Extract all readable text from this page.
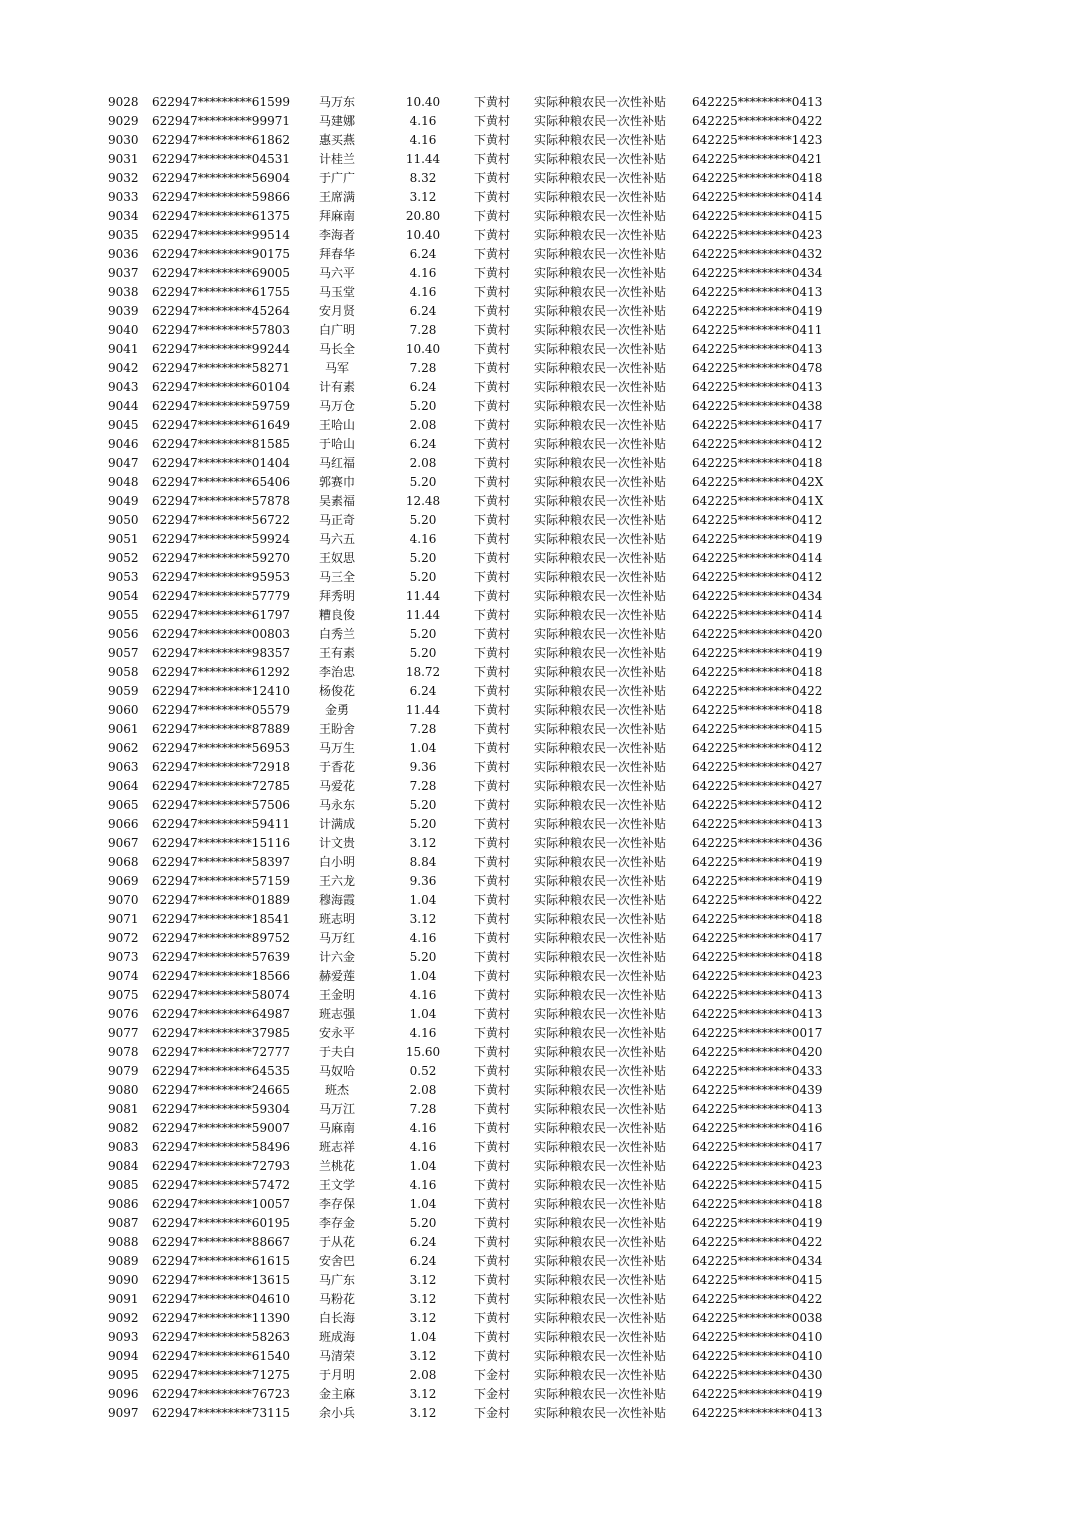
9028	622947*********61599	马万东	10.40	下黄村	实际种粮农民一次性补贴	642225*********0413
9029	622947*********99971	马建娜	4.16	下黄村	实际种粮农民一次性补贴	642225*********0422
9030	622947*********61862	惠买燕	4.16	下黄村	实际种粮农民一次性补贴	642225*********1423
9031	622947*********04531	计桂兰	11.44	下黄村	实际种粮农民一次性补贴	642225*********0421
9032	622947*********56904	于广广	8.32	下黄村	实际种粮农民一次性补贴	642225*********0418
9033	622947*********59866	王席满	3.12	下黄村	实际种粮农民一次性补贴	642225*********0414
9034	622947*********61375	拜麻南	20.80	下黄村	实际种粮农民一次性补贴	642225*********0415
9035	622947*********99514	李海者	10.40	下黄村	实际种粮农民一次性补贴	642225*********0423
9036	622947*********90175	拜春华	6.24	下黄村	实际种粮农民一次性补贴	642225*********0432
9037	622947*********69005	马六平	4.16	下黄村	实际种粮农民一次性补贴	642225*********0434
9038	622947*********61755	马玉堂	4.16	下黄村	实际种粮农民一次性补贴	642225*********0413
9039	622947*********45264	安月贤	6.24	下黄村	实际种粮农民一次性补贴	642225*********0419
9040	622947*********57803	白广明	7.28	下黄村	实际种粮农民一次性补贴	642225*********0411
9041	622947*********99244	马长全	10.40	下黄村	实际种粮农民一次性补贴	642225*********0413
9042	622947*********58271	马军	7.28	下黄村	实际种粮农民一次性补贴	642225*********0478
9043	622947*********60104	计有素	6.24	下黄村	实际种粮农民一次性补贴	642225*********0413
9044	622947*********59759	马万仓	5.20	下黄村	实际种粮农民一次性补贴	642225*********0438
9045	622947*********61649	王哈山	2.08	下黄村	实际种粮农民一次性补贴	642225*********0417
9046	622947*********81585	于哈山	6.24	下黄村	实际种粮农民一次性补贴	642225*********0412
9047	622947*********01404	马红福	2.08	下黄村	实际种粮农民一次性补贴	642225*********0418
9048	622947*********65406	郭赛巾	5.20	下黄村	实际种粮农民一次性补贴	642225*********042X
9049	622947*********57878	吴素福	12.48	下黄村	实际种粮农民一次性补贴	642225*********041X
9050	622947*********56722	马正奇	5.20	下黄村	实际种粮农民一次性补贴	642225*********0412
9051	622947*********59924	马六五	4.16	下黄村	实际种粮农民一次性补贴	642225*********0419
9052	622947*********59270	王奴思	5.20	下黄村	实际种粮农民一次性补贴	642225*********0414
9053	622947*********95953	马三全	5.20	下黄村	实际种粮农民一次性补贴	642225*********0412
9054	622947*********57779	拜秀明	11.44	下黄村	实际种粮农民一次性补贴	642225*********0434
9055	622947*********61797	糟良俊	11.44	下黄村	实际种粮农民一次性补贴	642225*********0414
9056	622947*********00803	白秀兰	5.20	下黄村	实际种粮农民一次性补贴	642225*********0420
9057	622947*********98357	王有素	5.20	下黄村	实际种粮农民一次性补贴	642225*********0419
9058	622947*********61292	李治忠	18.72	下黄村	实际种粮农民一次性补贴	642225*********0418
9059	622947*********12410	杨俊花	6.24	下黄村	实际种粮农民一次性补贴	642225*********0422
9060	622947*********05579	金勇	11.44	下黄村	实际种粮农民一次性补贴	642225*********0418
9061	622947*********87889	王盼舍	7.28	下黄村	实际种粮农民一次性补贴	642225*********0415
9062	622947*********56953	马万生	1.04	下黄村	实际种粮农民一次性补贴	642225*********0412
9063	622947*********72918	于香花	9.36	下黄村	实际种粮农民一次性补贴	642225*********0427
9064	622947*********72785	马爱花	7.28	下黄村	实际种粮农民一次性补贴	642225*********0427
9065	622947*********57506	马永东	5.20	下黄村	实际种粮农民一次性补贴	642225*********0412
9066	622947*********59411	计满成	5.20	下黄村	实际种粮农民一次性补贴	642225*********0413
9067	622947*********15116	计文贵	3.12	下黄村	实际种粮农民一次性补贴	642225*********0436
9068	622947*********58397	白小明	8.84	下黄村	实际种粮农民一次性补贴	642225*********0419
9069	622947*********57159	王六龙	9.36	下黄村	实际种粮农民一次性补贴	642225*********0419
9070	622947*********01889	穆海霞	1.04	下黄村	实际种粮农民一次性补贴	642225*********0422
9071	622947*********18541	班志明	3.12	下黄村	实际种粮农民一次性补贴	642225*********0418
9072	622947*********89752	马万红	4.16	下黄村	实际种粮农民一次性补贴	642225*********0417
9073	622947*********57639	计六金	5.20	下黄村	实际种粮农民一次性补贴	642225*********0418
9074	622947*********18566	赫爱莲	1.04	下黄村	实际种粮农民一次性补贴	642225*********0423
9075	622947*********58074	王金明	4.16	下黄村	实际种粮农民一次性补贴	642225*********0413
9076	622947*********64987	班志强	1.04	下黄村	实际种粮农民一次性补贴	642225*********0413
9077	622947*********37985	安永平	4.16	下黄村	实际种粮农民一次性补贴	642225*********0017
9078	622947*********72777	于夫白	15.60	下黄村	实际种粮农民一次性补贴	642225*********0420
9079	622947*********64535	马奴哈	0.52	下黄村	实际种粮农民一次性补贴	642225*********0433
9080	622947*********24665	班杰	2.08	下黄村	实际种粮农民一次性补贴	642225*********0439
9081	622947*********59304	马万江	7.28	下黄村	实际种粮农民一次性补贴	642225*********0413
9082	622947*********59007	马麻南	4.16	下黄村	实际种粮农民一次性补贴	642225*********0416
9083	622947*********58496	班志祥	4.16	下黄村	实际种粮农民一次性补贴	642225*********0417
9084	622947*********72793	兰桃花	1.04	下黄村	实际种粮农民一次性补贴	642225*********0423
9085	622947*********57472	王文学	4.16	下黄村	实际种粮农民一次性补贴	642225*********0415
9086	622947*********10057	李存保	1.04	下黄村	实际种粮农民一次性补贴	642225*********0418
9087	622947*********60195	李存金	5.20	下黄村	实际种粮农民一次性补贴	642225*********0419
9088	622947*********88667	于从花	6.24	下黄村	实际种粮农民一次性补贴	642225*********0422
9089	622947*********61615	安舍巴	6.24	下黄村	实际种粮农民一次性补贴	642225*********0434
9090	622947*********13615	马广东	3.12	下黄村	实际种粮农民一次性补贴	642225*********0415
9091	622947*********04610	马粉花	3.12	下黄村	实际种粮农民一次性补贴	642225*********0422
9092	622947*********11390	白长海	3.12	下黄村	实际种粮农民一次性补贴	642225*********0038
9093	622947*********58263	班成海	1.04	下黄村	实际种粮农民一次性补贴	642225*********0410
9094	622947*********61540	马清荣	3.12	下黄村	实际种粮农民一次性补贴	642225*********0410
9095	622947*********71275	于月明	2.08	下金村	实际种粮农民一次性补贴	642225*********0430
9096	622947*********76723	金主麻	3.12	下金村	实际种粮农民一次性补贴	642225*********0419
9097	622947*********73115	余小兵	3.12	下金村	实际种粮农民一次性补贴	642225*********0413
